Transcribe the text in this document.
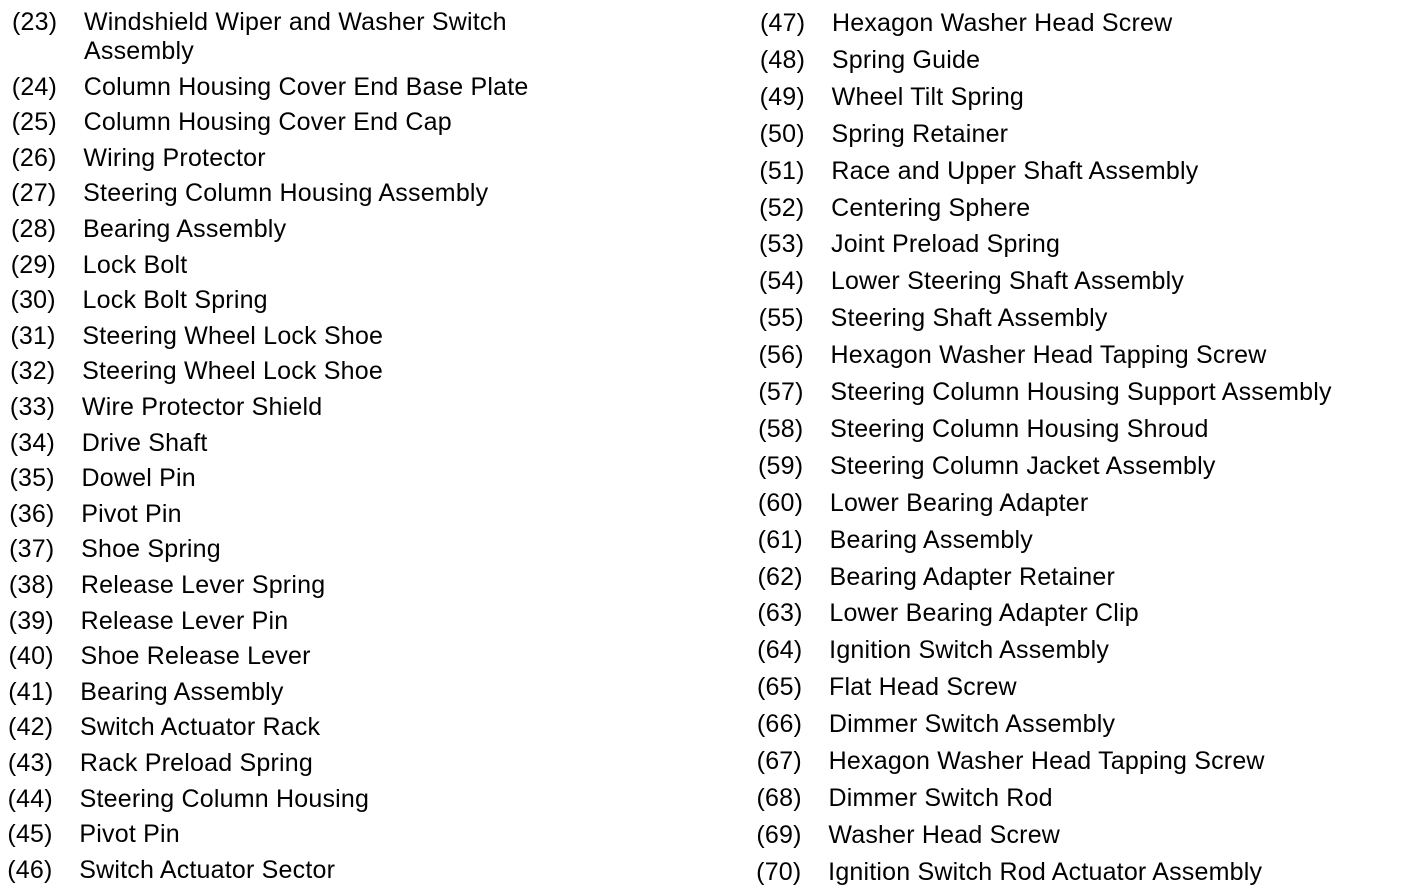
(23)	Windshield Wiper and Washer Switch
Assembly
(24)	Column Housing Cover End Base Plate
(25)	Column Housing Cover End Cap
(26)	Wiring Protector
(27)	Steering Column Housing Assembly
(28)	Bearing Assembly
(29)	Lock Bolt
(30)	Lock Bolt Spring
(31)	Steering Wheel Lock Shoe
(32)	Steering Wheel Lock Shoe
(33)	Wire Protector Shield
(34)	Drive Shaft
(35)	Dowel Pin
(36)	Pivot Pin
(37)	Shoe Spring
(38)	Release Lever Spring
(39)	Release Lever Pin
(40)	Shoe Release Lever
(41)	Bearing Assembly
(42)	Switch Actuator Rack
(43)	Rack Preload Spring
(44)	Steering Column Housing
(45)	Pivot Pin
(46)	Switch Actuator Sector
(47)	Hexagon Washer Head Screw
(48)	Spring Guide
(49)	Wheel Tilt Spring
(50)	Spring Retainer
(51)	Race and Upper Shaft Assembly
(52)	Centering Sphere
(53)	Joint Preload Spring
(54)	Lower Steering Shaft Assembly
(55)	Steering Shaft Assembly
(56)	Hexagon Washer Head Tapping Screw
(57)	Steering Column Housing Support Assembly
(58)	Steering Column Housing Shroud
(59)	Steering Column Jacket Assembly
(60)	Lower Bearing Adapter
(61)	Bearing Assembly
(62)	Bearing Adapter Retainer
(63)	Lower Bearing Adapter Clip
(64)	Ignition Switch Assembly
(65)	Flat Head Screw
(66)	Dimmer Switch Assembly
(67)	Hexagon Washer Head Tapping Screw
(68)	Dimmer Switch Rod
(69)	Washer Head Screw
(70)	Ignition Switch Rod Actuator Assembly
